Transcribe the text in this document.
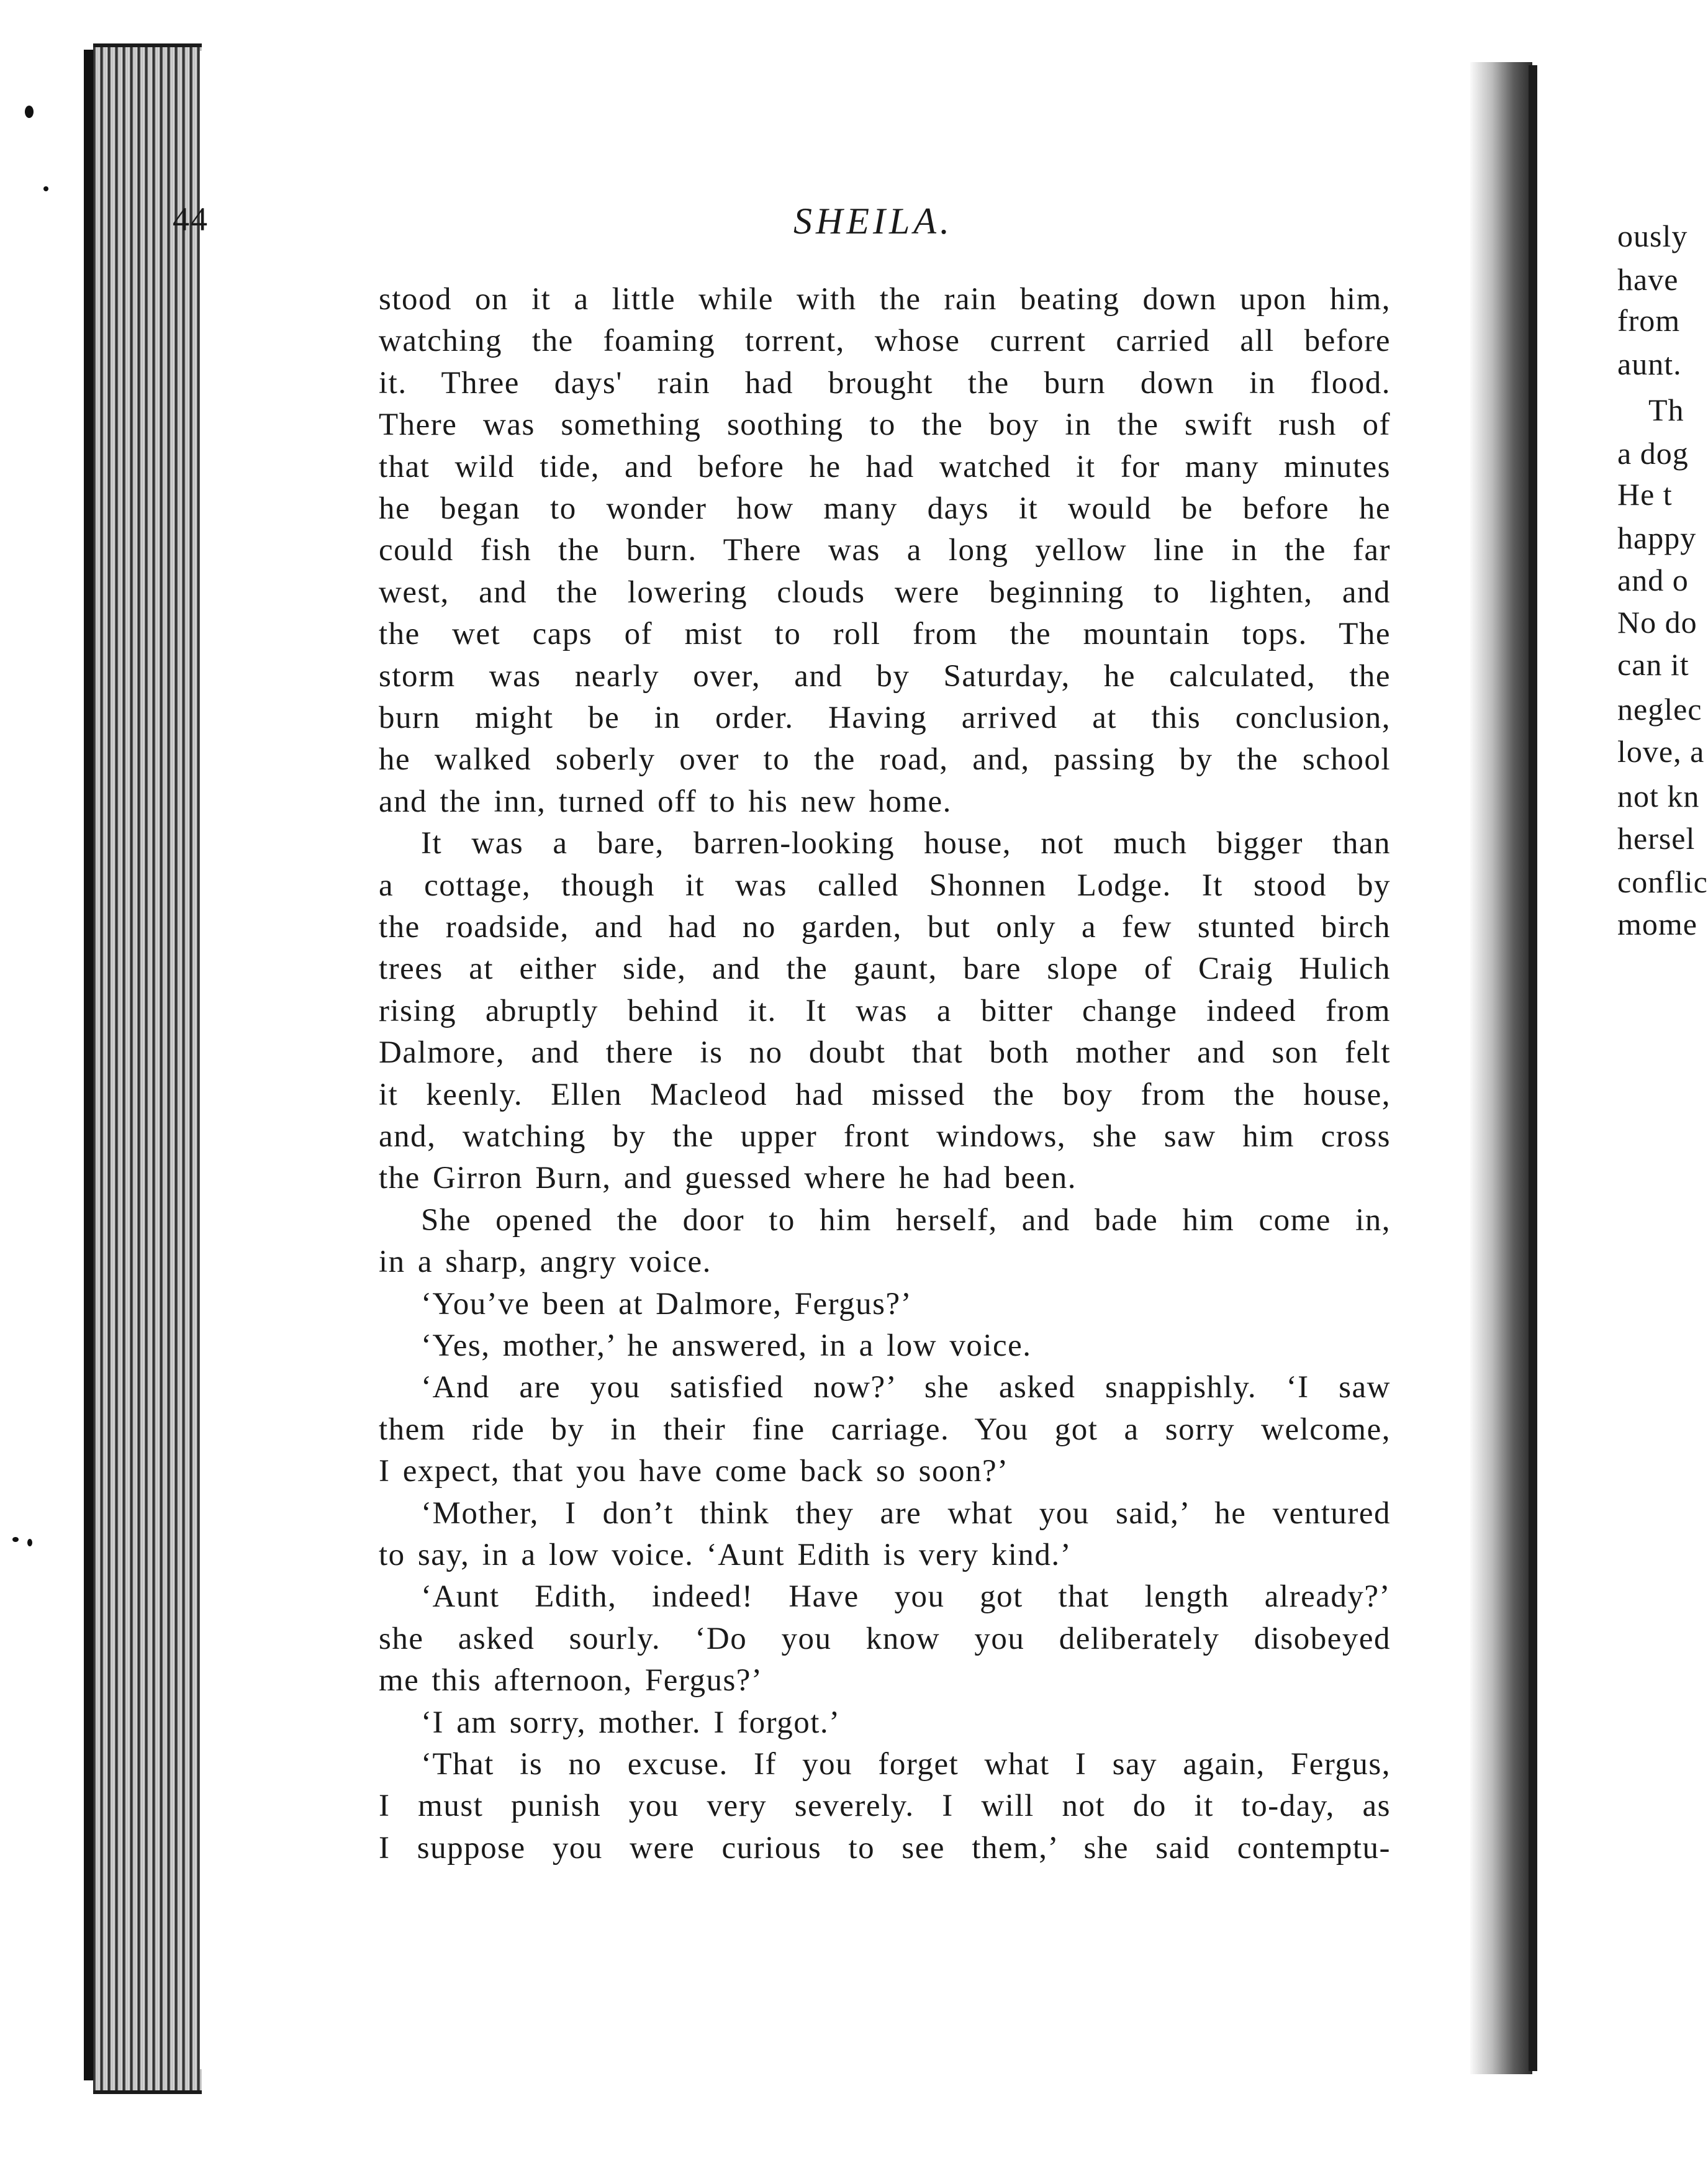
ously
have
from
aunt.
Th
a dog
He t
happy
and o
No do
can it
neglec
love, a
not kn
hersel
conflic
mome
44	SHEILA.
stood on it a little while with the rain beating down upon him,
watching the foaming torrent, whose current carried all before
it. Three days' rain had brought the burn down in flood.
There was something soothing to the boy in the swift rush of
that wild tide, and before he had watched it for many minutes
he began to wonder how many days it would be before he
could fish the burn. There was a long yellow line in the far
west, and the lowering clouds were beginning to lighten, and
the wet caps of mist to roll from the mountain tops. The
storm was nearly over, and by Saturday, he calculated, the
burn might be in order. Having arrived at this conclusion,
he walked soberly over to the road, and, passing by the school
and the inn, turned off to his new home.
It was a bare, barren-looking house, not much bigger than
a cottage, though it was called Shonnen Lodge. It stood by
the roadside, and had no garden, but only a few stunted birch
trees at either side, and the gaunt, bare slope of Craig Hulich
rising abruptly behind it. It was a bitter change indeed from
Dalmore, and there is no doubt that both mother and son felt
it keenly. Ellen Macleod had missed the boy from the house,
and, watching by the upper front windows, she saw him cross
the Girron Burn, and guessed where he had been.
She opened the door to him herself, and bade him come in,
in a sharp, angry voice.
‘You’ve been at Dalmore, Fergus?’
‘Yes, mother,’ he answered, in a low voice.
‘And are you satisfied now?’ she asked snappishly. ‘I saw
them ride by in their fine carriage. You got a sorry welcome,
I expect, that you have come back so soon?’
‘Mother, I don’t think they are what you said,’ he ventured
to say, in a low voice. ‘Aunt Edith is very kind.’
‘Aunt Edith, indeed! Have you got that length already?’
she asked sourly. ‘Do you know you deliberately disobeyed
me this afternoon, Fergus?’
‘I am sorry, mother. I forgot.’
‘That is no excuse. If you forget what I say again, Fergus,
I must punish you very severely. I will not do it to-day, as
I suppose you were curious to see them,’ she said contemptu-
